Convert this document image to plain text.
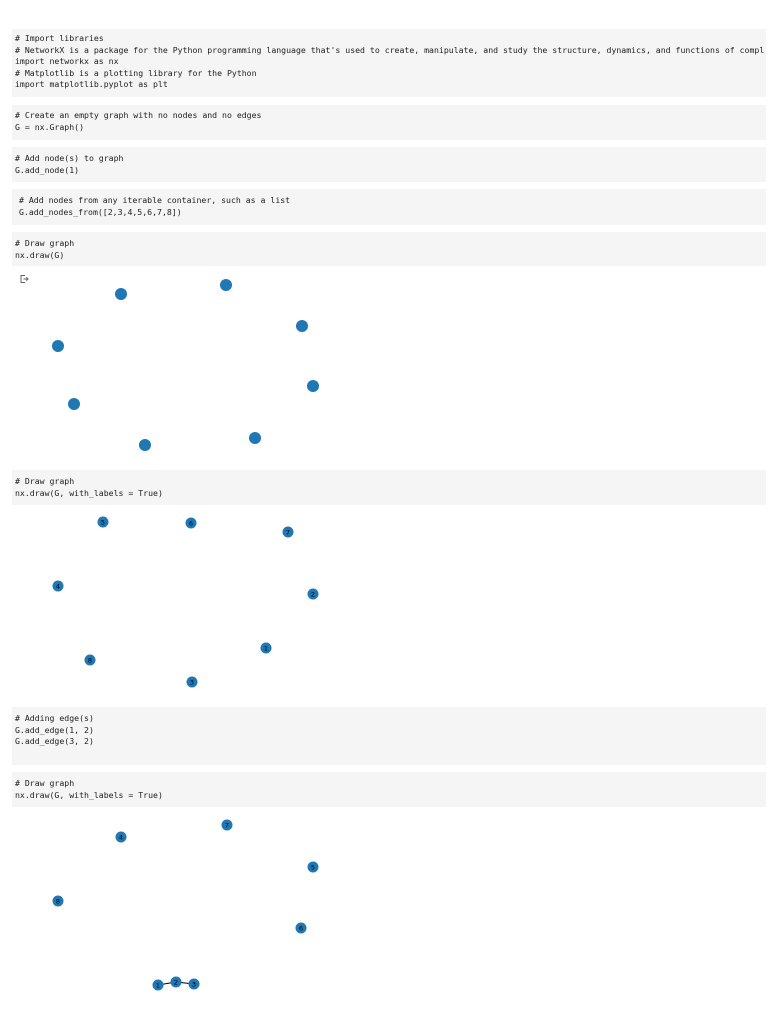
# Import libraries
# NetworkX is a package for the Python programming language that's used to create, manipulate, and study the structure, dynamics, and functions of compl
import networkx as nx
# Matplotlib is a plotting library for the Python
import matplotlib.pyplot as plt
# Create an empty graph with no nodes and no edges
G = nx.Graph()
# Add node(s) to graph
G.add_node(1)
# Add nodes from any iterable container, such as a list
G.add_nodes_from([2,3,4,5,6,7,8])
# Draw graph
nx.draw(G)
# Draw graph
nx.draw(G, with_labels = True)
1
2
3
4
5	6
7
8
# Adding edge(s)
G.add_edge(1, 2)
G.add_edge(3, 2)
# Draw graph
nx.draw(G, with_labels = True)
1 2 3
4
5
6
7
8
